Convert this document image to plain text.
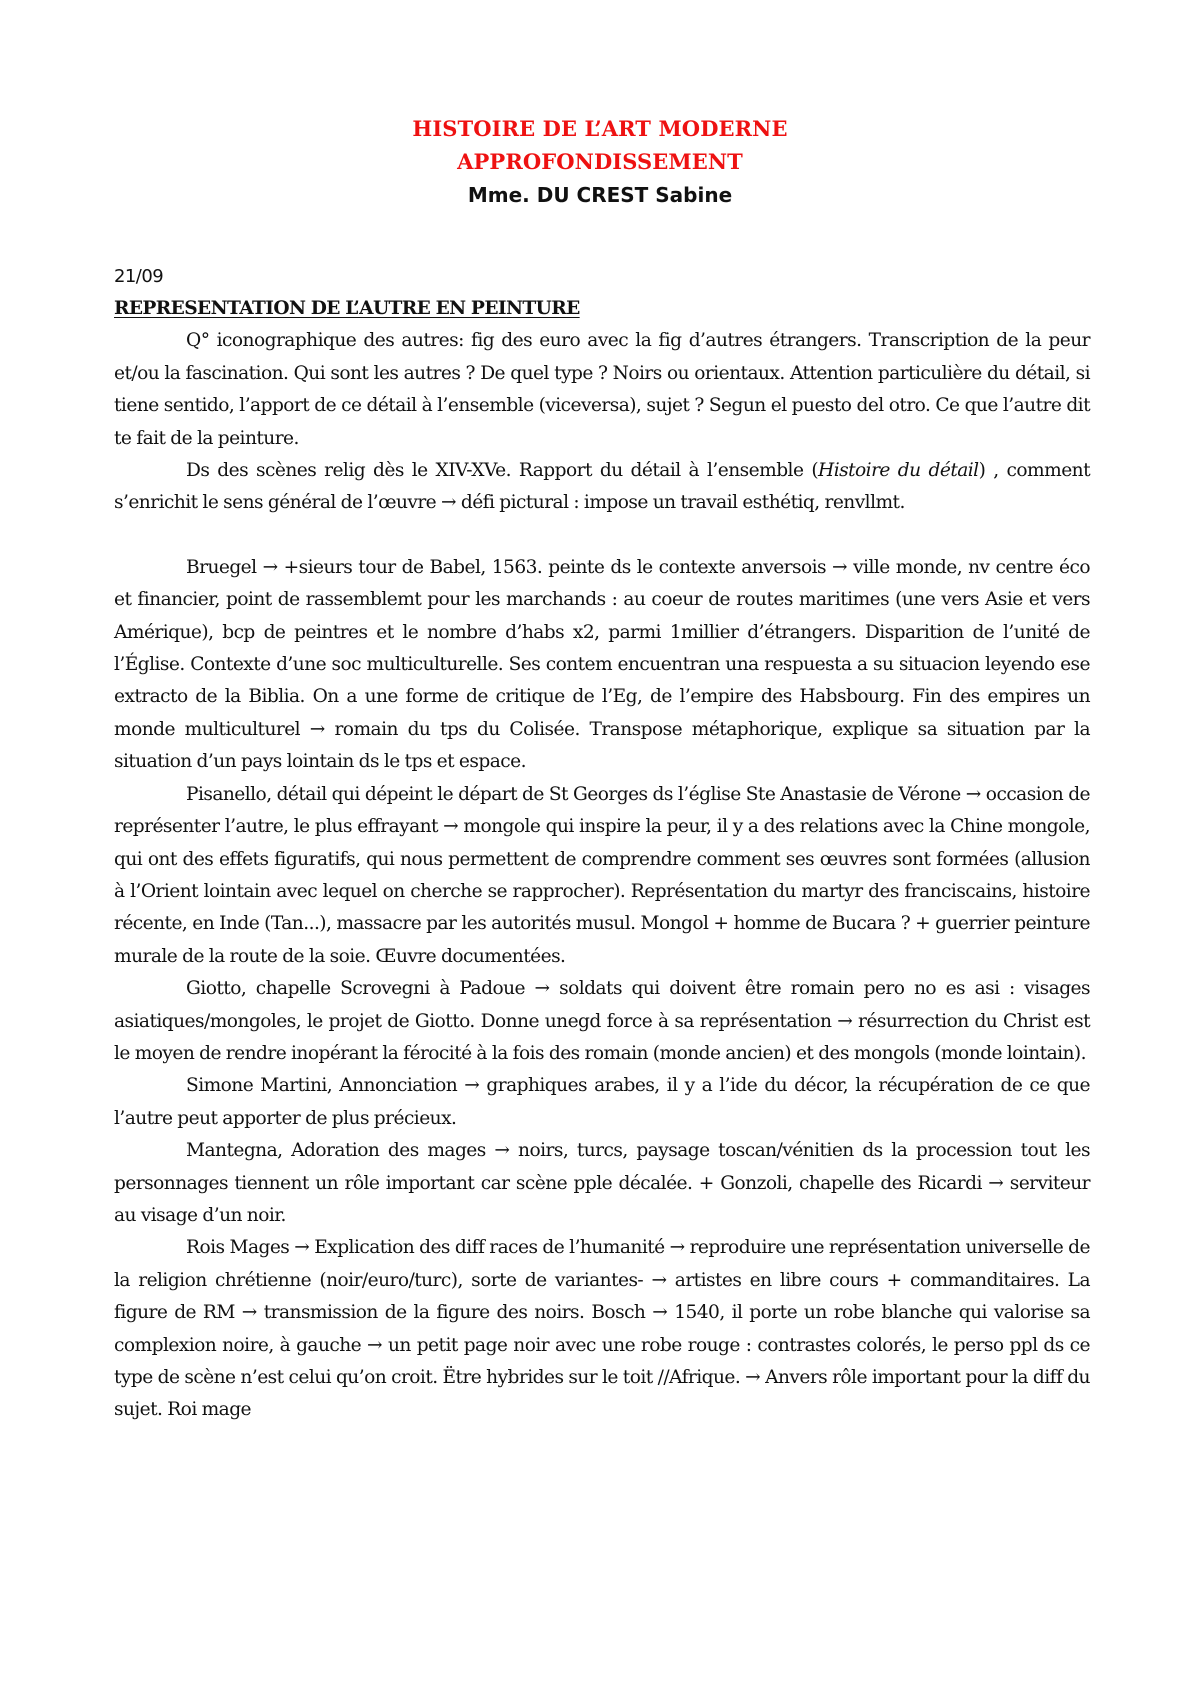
HISTOIRE DE L’ART MODERNE
APPROFONDISSEMENT
Mme. DU CREST Sabine
21/09
REPRESENTATION DE L’AUTRE EN PEINTURE

Q° iconographique des autres: fig des euro avec la fig d’autres étrangers. Transcription de la peur et/ou la fascination. Qui sont les autres ? De quel type ? Noirs ou orientaux. Attention particulière du détail, si tiene sentido, l’apport de ce détail à l’ensemble (viceversa), sujet ? Segun el puesto del otro. Ce que l’autre dit te fait de la peinture.

Ds des scènes relig dès le XIV-XVe. Rapport du détail à l’ensemble (Histoire du détail) , comment s’enrichit le sens général de l’œuvre → défi pictural : impose un travail esthétiq, renvllmt.

Bruegel → +sieurs tour de Babel, 1563. peinte ds le contexte anversois → ville monde, nv centre éco et financier, point de rassemblemt pour les marchands : au coeur de routes maritimes (une vers Asie et vers Amérique), bcp de peintres et le nombre d’habs x2, parmi 1millier d’étrangers. Disparition de l’unité de l’Église. Contexte d’une soc multiculturelle. Ses contem encuentran una respuesta a su situacion leyendo ese extracto de la Biblia. On a une forme de critique de l’Eg, de l’empire des Habsbourg. Fin des empires un monde multiculturel → romain du tps du Colisée. Transpose métaphorique, explique sa situation par la situation d’un pays lointain ds le tps et espace.

Pisanello, détail qui dépeint le départ de St Georges ds l’église Ste Anastasie de Vérone → occasion de représenter l’autre, le plus effrayant → mongole qui inspire la peur, il y a des relations avec la Chine mongole, qui ont des effets figuratifs, qui nous permettent de comprendre comment ses œuvres sont formées (allusion à l’Orient lointain avec lequel on cherche se rapprocher). Représentation du martyr des franciscains, histoire récente, en Inde (Tan...), massacre par les autorités musul. Mongol + homme de Bucara ? + guerrier peinture murale de la route de la soie. Œuvre documentées.

Giotto, chapelle Scrovegni à Padoue → soldats qui doivent être romain pero no es asi : visages asiatiques/mongoles, le projet de Giotto. Donne unegd force à sa représentation → résurrection du Christ est le moyen de rendre inopérant la férocité à la fois des romain (monde ancien) et des mongols (monde lointain).

Simone Martini, Annonciation → graphiques arabes, il y a l’ide du décor, la récupération de ce que l’autre peut apporter de plus précieux.

Mantegna, Adoration des mages → noirs, turcs, paysage toscan/vénitien ds la procession tout les personnages tiennent un rôle important car scène pple décalée. + Gonzoli, chapelle des Ricardi → serviteur au visage d’un noir.

Rois Mages → Explication des diff races de l’humanité → reproduire une représentation universelle de la religion chrétienne (noir/euro/turc), sorte de variantes- → artistes en libre cours + commanditaires. La figure de RM → transmission de la figure des noirs. Bosch → 1540, il porte un robe blanche qui valorise sa complexion noire, à gauche → un petit page noir avec une robe rouge : contrastes colorés, le perso ppl ds ce type de scène n’est celui qu’on croit. Ëtre hybrides sur le toit //Afrique. → Anvers rôle important pour la diff du sujet. Roi mage
